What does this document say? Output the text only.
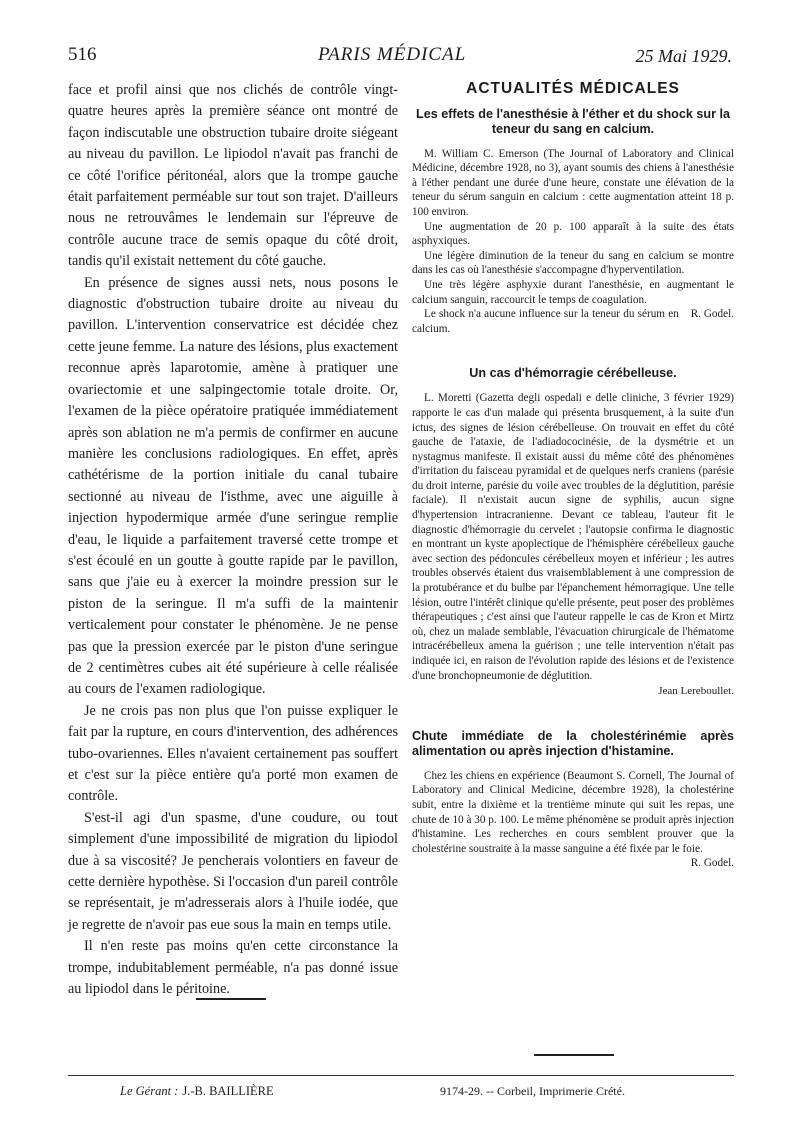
516	PARIS MÉDICAL	25 Mai 1929.

face et profil ainsi que nos clichés de contrôle vingt-quatre heures après la première séance ont montré de façon indiscutable une obstruction tubaire droite siégeant au niveau du pavillon. Le lipiodol n'avait pas franchi de ce côté l'orifice péritonéal, alors que la trompe gauche était parfaitement perméable sur tout son trajet. D'ailleurs nous ne retrouvâmes le lendemain sur l'épreuve de contrôle aucune trace de semis opaque du côté droit, tandis qu'il existait nettement du côté gauche.

En présence de signes aussi nets, nous posons le diagnostic d'obstruction tubaire droite au niveau du pavillon. L'intervention conservatrice est décidée chez cette jeune femme. La nature des lésions, plus exactement reconnue après laparotomie, amène à pratiquer une ovariectomie et une salpingectomie totale droite. Or, l'examen de la pièce opératoire pratiquée immédiatement après son ablation ne m'a permis de confirmer en aucune manière les conclusions radiologiques. En effet, après cathétérisme de la portion initiale du canal tubaire sectionné au niveau de l'isthme, avec une aiguille à injection hypodermique armée d'une seringue remplie d'eau, le liquide a parfaitement traversé cette trompe et s'est écoulé en un goutte à goutte rapide par le pavillon, sans que j'aie eu à exercer la moindre pression sur le piston de la seringue. Il m'a suffi de la maintenir verticalement pour constater le phénomène. Je ne pense pas que la pression exercée par le piston d'une seringue de 2 centimètres cubes ait été supérieure à celle réalisée au cours de l'examen radiologique.

Je ne crois pas non plus que l'on puisse expliquer le fait par la rupture, en cours d'intervention, des adhérences tubo-ovariennes. Elles n'avaient certainement pas souffert et c'est sur la pièce entière qu'a porté mon examen de contrôle.

S'est-il agi d'un spasme, d'une coudure, ou tout simplement d'une impossibilité de migration du lipiodol due à sa viscosité? Je pencherais volontiers en faveur de cette dernière hypothèse. Si l'occasion d'un pareil contrôle se représentait, je m'adresserais alors à l'huile iodée, que je regrette de n'avoir pas eue sous la main en temps utile.

Il n'en reste pas moins qu'en cette circonstance la trompe, indubitablement perméable, n'a pas donné issue au lipiodol dans le péritoine.

ACTUALITÉS MÉDICALES
Les effets de l'anesthésie à l'éther et du shock sur la teneur du sang en calcium.

M. William C. Emerson (The Journal of Laboratory and Clinical Médicine, décembre 1928, no 3), ayant soumis des chiens à l'anesthésie à l'éther pendant une durée d'une heure, constate une élévation de la teneur du sérum sanguin en calcium : cette augmentation atteint 18 p. 100 environ.

Une augmentation de 20 p. 100 apparaît à la suite des états asphyxiques.

Une légère diminution de la teneur du sang en calcium se montre dans les cas où l'anesthésie s'accompagne d'hyperventilation.

Une très légère asphyxie durant l'anesthésie, en augmentant le calcium sanguin, raccourcit le temps de coagulation.

R. Godel.
Le shock n'a aucune influence sur la teneur du sérum en calcium.

Un cas d'hémorragie cérébelleuse.

L. Moretti (Gazetta degli ospedali e delle cliniche, 3 février 1929) rapporte le cas d'un malade qui présenta brusquement, à la suite d'un ictus, des signes de lésion cérébelleuse. On trouvait en effet du côté gauche de l'ataxie, de l'adiadococinésie, de la dysmétrie et un nystagmus manifeste. Il existait aussi du même côté des phénomènes d'irritation du faisceau pyramidal et de quelques nerfs craniens (parésie du droit interne, parésie du voile avec troubles de la déglutition, parésie faciale). Il n'existait aucun signe de syphilis, aucun signe d'hypertension intracranienne. Devant ce tableau, l'auteur fit le diagnostic d'hémorragie du cervelet ; l'autopsie confirma le diagnostic en montrant un kyste apoplectique de l'hémisphère cérébelleux gauche avec section des pédoncules cérébelleux moyen et inférieur ; les autres troubles observés étaient dus vraisemblablement à une compression de la protubérance et du bulbe par l'épanchement hémorragique. Une telle lésion, outre l'intérêt clinique qu'elle présente, peut poser des problèmes thérapeutiques ; c'est ainsi que l'auteur rappelle le cas de Kron et Mirtz où, chez un malade semblable, l'évacuation chirurgicale de l'hématome intracérébelleux amena la guérison ; une telle intervention n'était pas indiquée ici, en raison de l'évolution rapide des lésions et de l'existence d'une bronchopneumonie de déglutition.

Jean Lereboullet.
Chute immédiate de la cholestérinémie après alimentation ou après injection d'histamine.

Chez les chiens en expérience (Beaumont S. Cornell, The Journal of Laboratory and Clinical Medicine, décembre 1928), la cholestérine subit, entre la dixième et la trentième minute qui suit les repas, une chute de 10 à 30 p. 100. Le même phénomène se produit après injection d'histamine. Les recherches en cours semblent prouver que la cholestérine soustraite à la masse sanguine a été fixée par le foie.
R. Godel.

Le Gérant : J.-B. BAILLIÈRE	9174-29. -- Corbeil, Imprimerie Crété.
